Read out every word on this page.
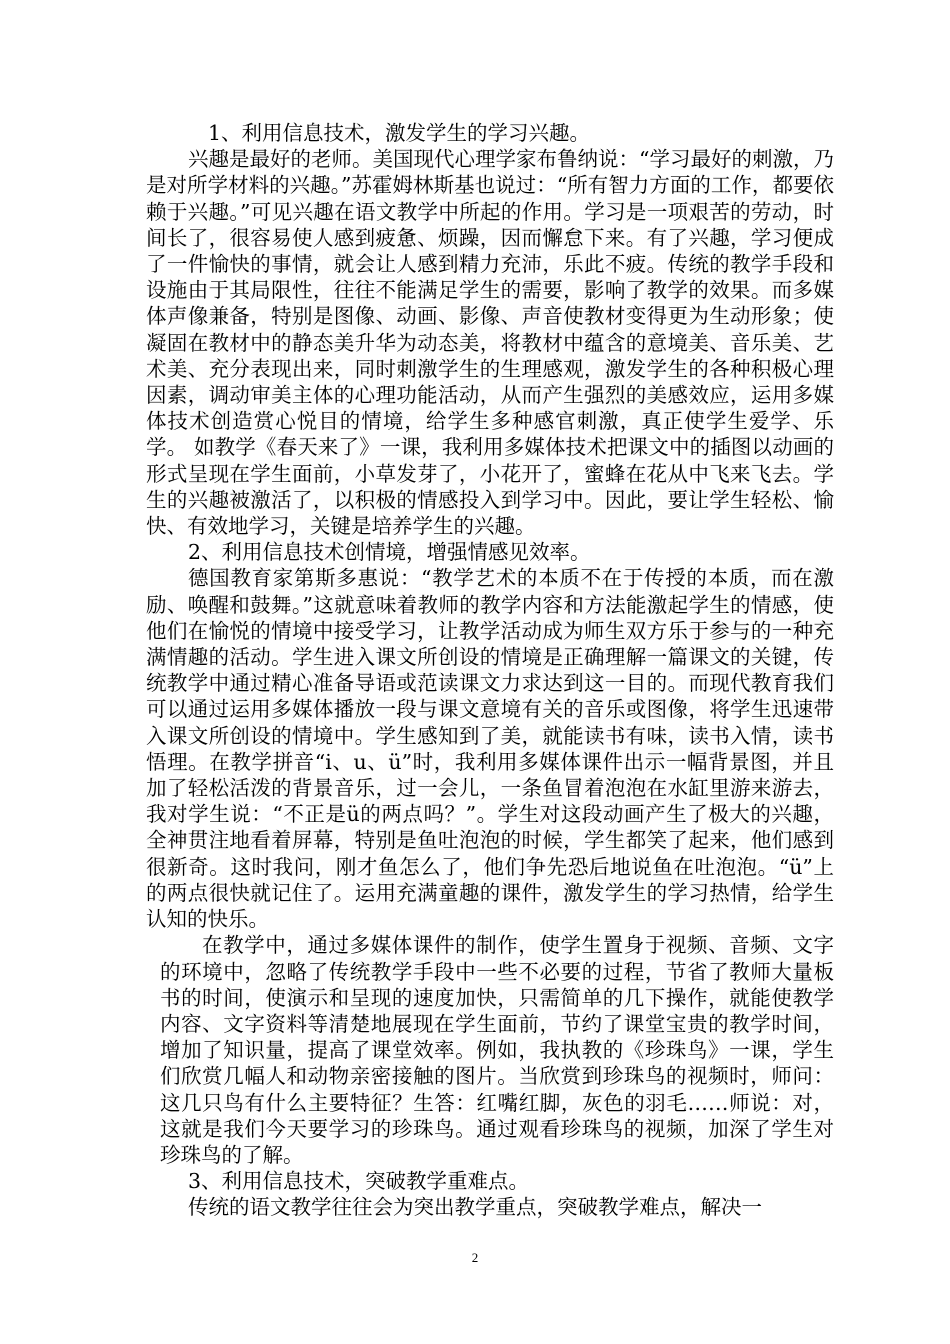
1、利用信息技术，激发学生的学习兴趣。

兴趣是最好的老师。美国现代心理学家布鲁纳说：“学习最好的刺激，乃是对所学材料的兴趣。”苏霍姆林斯基也说过：“所有智力方面的工作，都要依赖于兴趣。”可见兴趣在语文教学中所起的作用。学习是一项艰苦的劳动，时间长了，很容易使人感到疲惫、烦躁，因而懈怠下来。有了兴趣，学习便成了一件愉快的事情，就会让人感到精力充沛，乐此不疲。传统的教学手段和设施由于其局限性，往往不能满足学生的需要，影响了教学的效果。而多媒体声像兼备，特别是图像、动画、影像、声音使教材变得更为生动形象；使凝固在教材中的静态美升华为动态美，将教材中蕴含的意境美、音乐美、艺术美、充分表现出来，同时刺激学生的生理感观，激发学生的各种积极心理因素，调动审美主体的心理功能活动，从而产生强烈的美感效应，运用多媒体技术创造赏心悦目的情境，给学生多种感官刺激，真正使学生爱学、乐学。 如教学《春天来了》一课，我利用多媒体技术把课文中的插图以动画的形式呈现在学生面前，小草发芽了，小花开了，蜜蜂在花从中飞来飞去。学生的兴趣被激活了，以积极的情感投入到学习中。因此，要让学生轻松、愉快、有效地学习，关键是培养学生的兴趣。

2、利用信息技术创情境，增强情感见效率。

德国教育家第斯多惠说：“教学艺术的本质不在于传授的本质，而在激励、唤醒和鼓舞。”这就意味着教师的教学内容和方法能激起学生的情感，使他们在愉悦的情境中接受学习，让教学活动成为师生双方乐于参与的一种充满情趣的活动。学生进入课文所创设的情境是正确理解一篇课文的关键，传统教学中通过精心准备导语或范读课文力求达到这一目的。而现代教育我们可以通过运用多媒体播放一段与课文意境有关的音乐或图像，将学生迅速带入课文所创设的情境中。学生感知到了美，就能读书有味，读书入情，读书悟理。在教学拼音“i、u、ü”时，我利用多媒体课件出示一幅背景图，并且加了轻松活泼的背景音乐，过一会儿，一条鱼冒着泡泡在水缸里游来游去，我对学生说：“不正是ü的两点吗？”。学生对这段动画产生了极大的兴趣，全神贯注地看着屏幕，特别是鱼吐泡泡的时候，学生都笑了起来，他们感到很新奇。这时我问，刚才鱼怎么了，他们争先恐后地说鱼在吐泡泡。“ü”上的两点很快就记住了。运用充满童趣的课件，激发学生的学习热情，给学生认知的快乐。

在教学中，通过多媒体课件的制作，使学生置身于视频、音频、文字的环境中，忽略了传统教学手段中一些不必要的过程，节省了教师大量板书的时间，使演示和呈现的速度加快，只需简单的几下操作，就能使教学内容、文字资料等清楚地展现在学生面前，节约了课堂宝贵的教学时间，增加了知识量，提高了课堂效率。例如，我执教的《珍珠鸟》一课，学生们欣赏几幅人和动物亲密接触的图片。当欣赏到珍珠鸟的视频时，师问：这几只鸟有什么主要特征？生答：红嘴红脚，灰色的羽毛……师说：对，这就是我们今天要学习的珍珠鸟。通过观看珍珠鸟的视频，加深了学生对珍珠鸟的了解。

3、利用信息技术，突破教学重难点。

传统的语文教学往往会为突出教学重点，突破教学难点，解决一

2
